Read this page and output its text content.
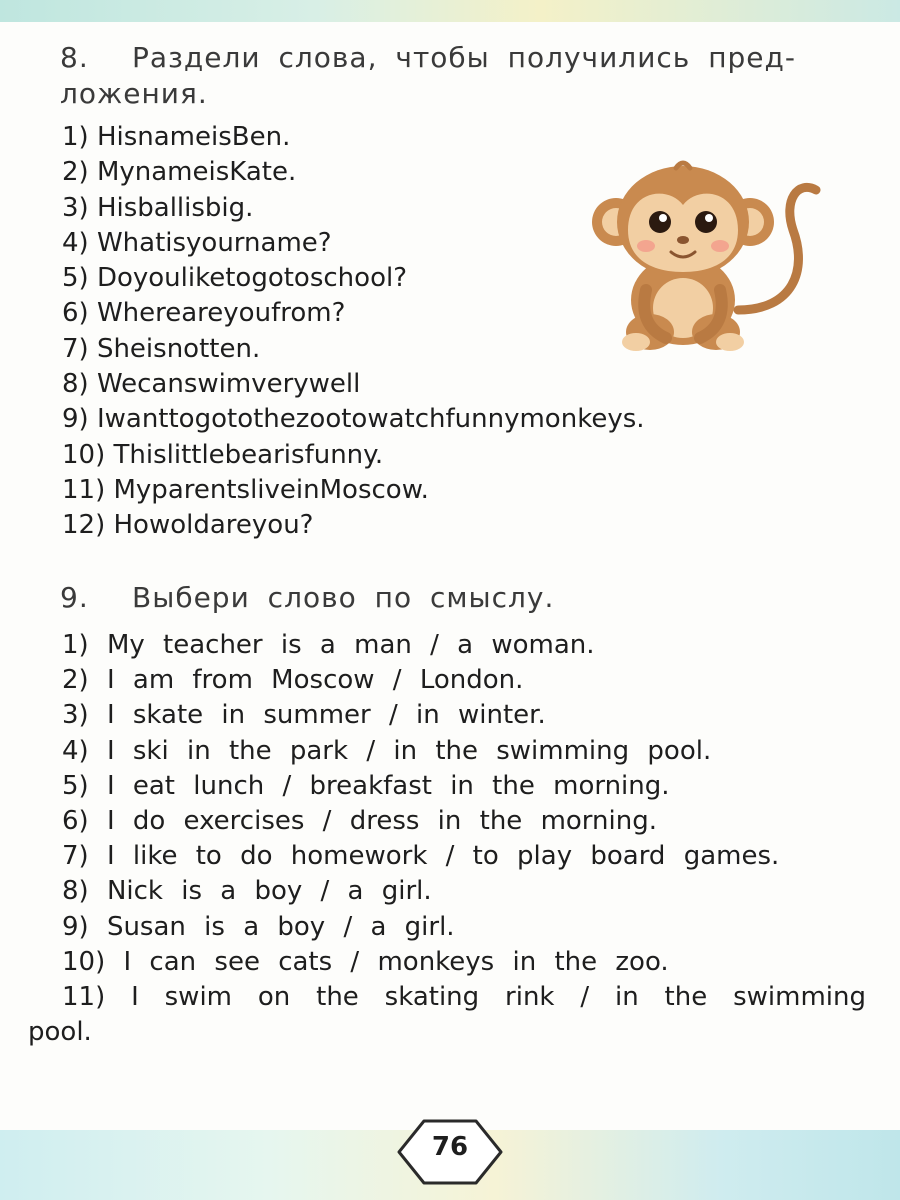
8. Раздели слова, чтобы получились пред-
ложения.
1) HisnameisBen.
2) MynameisKate.
3) Hisballisbig.
4) Whatisyourname?
5) Doyouliketogotoschool?
6) Whereareyoufrom?
7) Sheisnotten.
8) Wecanswimverywell
9) Iwanttogotothezootowatchfunnymonkeys.
10) Thislittlebearisfunny.
11) MyparentsliveinMoscow.
12) Howoldareyou?
9. Выбери слово по смыслу.
1) My teacher is a man / a woman.
2) I am from Moscow / London.
3) I skate in summer / in winter.
4) I ski in the park / in the swimming pool.
5) I eat lunch / breakfast in the morning.
6) I do exercises / dress in the morning.
7) I like to do homework / to play board games.
8) Nick is a boy / a girl.
9) Susan is a boy / a girl.
10) I can see cats / monkeys in the zoo.
11) I swim on the skating rink / in the swimming pool.
76
